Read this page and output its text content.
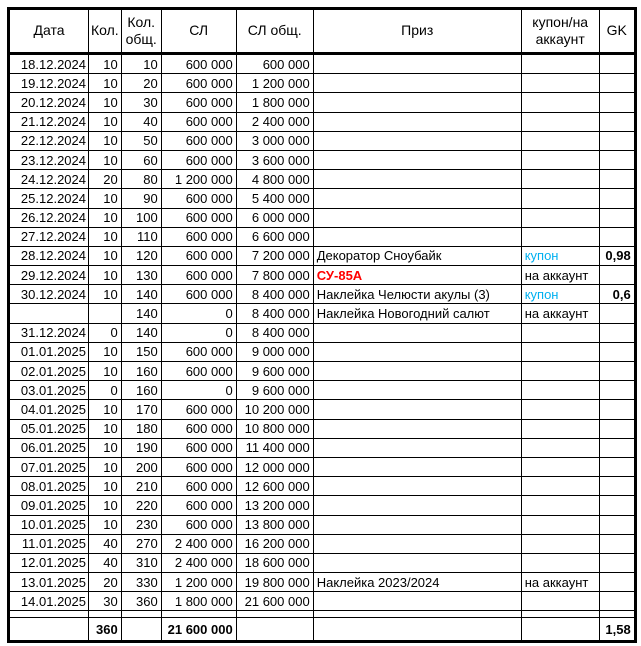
Дата	Кол.	Кол. общ.	СЛ	СЛ общ.	Приз	купон/на аккаунт	GK
18.12.2024	10	10	600 000	600 000			
19.12.2024	10	20	600 000	1 200 000			
20.12.2024	10	30	600 000	1 800 000			
21.12.2024	10	40	600 000	2 400 000			
22.12.2024	10	50	600 000	3 000 000			
23.12.2024	10	60	600 000	3 600 000			
24.12.2024	20	80	1 200 000	4 800 000			
25.12.2024	10	90	600 000	5 400 000			
26.12.2024	10	100	600 000	6 000 000			
27.12.2024	10	110	600 000	6 600 000			
28.12.2024	10	120	600 000	7 200 000	Декоратор Сноубайк	купон	0,98
29.12.2024	10	130	600 000	7 800 000	СУ-85А	на аккаунт	
30.12.2024	10	140	600 000	8 400 000	Наклейка Челюсти акулы (3)	купон	0,6
		140	0	8 400 000	Наклейка Новогодний салют	на аккаунт	
31.12.2024	0	140	0	8 400 000			
01.01.2025	10	150	600 000	9 000 000			
02.01.2025	10	160	600 000	9 600 000			
03.01.2025	0	160	0	9 600 000			
04.01.2025	10	170	600 000	10 200 000			
05.01.2025	10	180	600 000	10 800 000			
06.01.2025	10	190	600 000	11 400 000			
07.01.2025	10	200	600 000	12 000 000			
08.01.2025	10	210	600 000	12 600 000			
09.01.2025	10	220	600 000	13 200 000			
10.01.2025	10	230	600 000	13 800 000			
11.01.2025	40	270	2 400 000	16 200 000			
12.01.2025	40	310	2 400 000	18 600 000			
13.01.2025	20	330	1 200 000	19 800 000	Наклейка 2023/2024	на аккаунт	
14.01.2025	30	360	1 800 000	21 600 000			

	360		21 600 000				1,58
